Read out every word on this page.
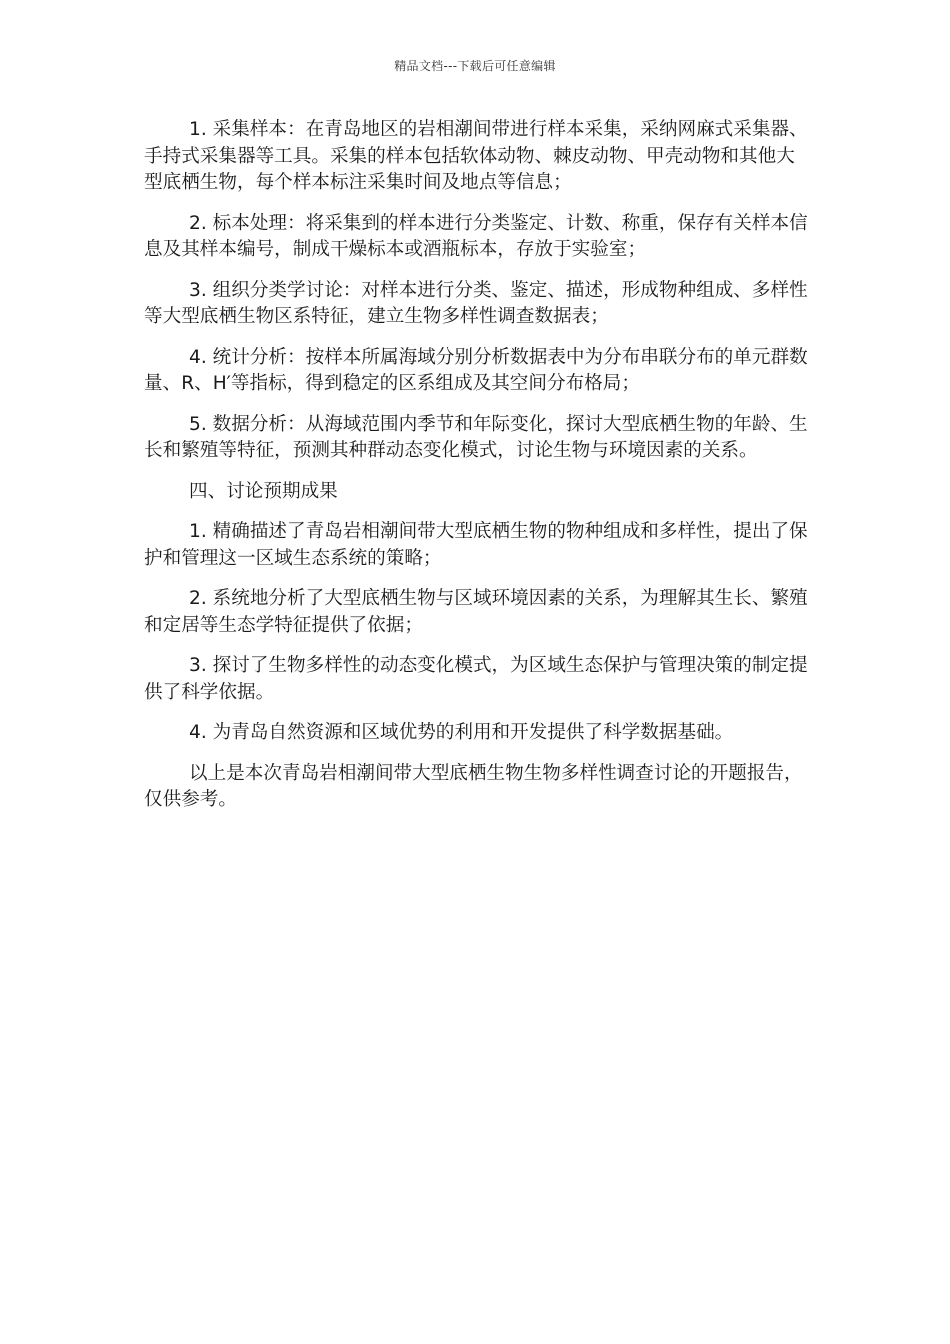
精品文档---下载后可任意编辑

1. 采集样本：在青岛地区的岩相潮间带进行样本采集，采纳网麻式采集器、手持式采集器等工具。采集的样本包括软体动物、棘皮动物、甲壳动物和其他大型底栖生物，每个样本标注采集时间及地点等信息；

2. 标本处理：将采集到的样本进行分类鉴定、计数、称重，保存有关样本信息及其样本编号，制成干燥标本或酒瓶标本，存放于实验室；

3. 组织分类学讨论：对样本进行分类、鉴定、描述，形成物种组成、多样性等大型底栖生物区系特征，建立生物多样性调查数据表；

4. 统计分析：按样本所属海域分别分析数据表中为分布串联分布的单元群数量、R、H′等指标，得到稳定的区系组成及其空间分布格局；

5. 数据分析：从海域范围内季节和年际变化，探讨大型底栖生物的年龄、生长和繁殖等特征，预测其种群动态变化模式，讨论生物与环境因素的关系。

四、讨论预期成果

1. 精确描述了青岛岩相潮间带大型底栖生物的物种组成和多样性，提出了保护和管理这一区域生态系统的策略；

2. 系统地分析了大型底栖生物与区域环境因素的关系，为理解其生长、繁殖和定居等生态学特征提供了依据；

3. 探讨了生物多样性的动态变化模式，为区域生态保护与管理决策的制定提供了科学依据。

4. 为青岛自然资源和区域优势的利用和开发提供了科学数据基础。

以上是本次青岛岩相潮间带大型底栖生物生物多样性调查讨论的开题报告，仅供参考。
